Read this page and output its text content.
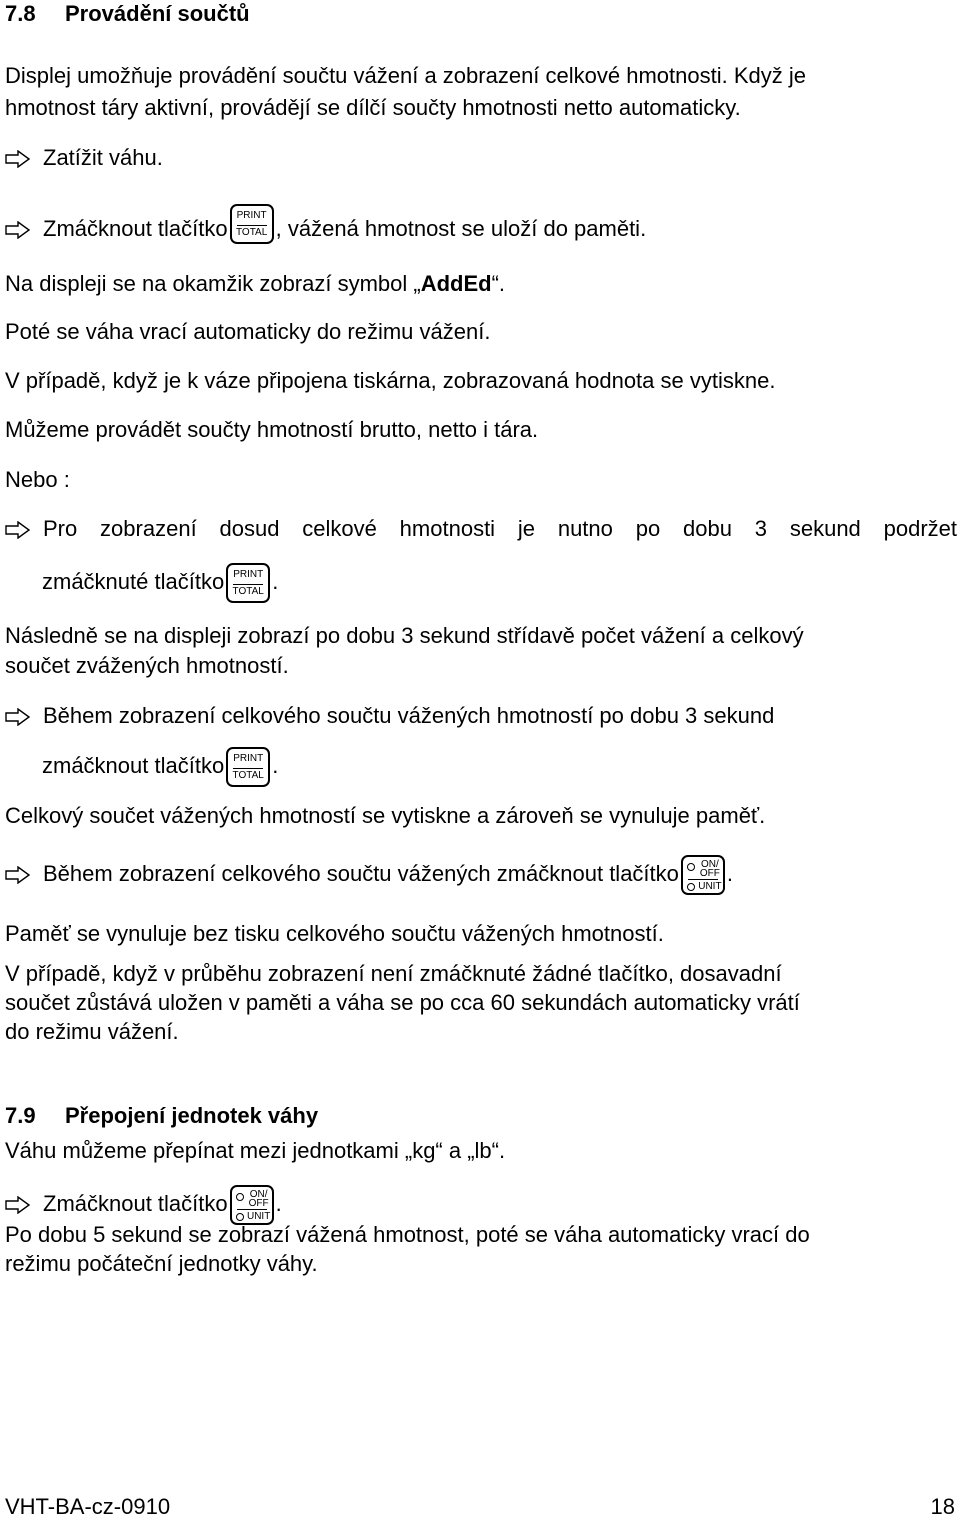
7.8 Provádění součtů
Displej umožňuje provádění součtu vážení a zobrazení celkové hmotnosti. Když je
hmotnost táry aktivní, provádějí se dílčí součty hmotnosti netto automaticky.
Zatížit váhu.
Zmáčknout tlačítko
PRINT
TOTAL , vážená hmotnost se uloží do paměti.
Na displeji se na okamžik zobrazí symbol „AddEd“.
Poté se váha vrací automaticky do režimu vážení.
V případě, když je k váze připojena tiskárna, zobrazovaná hodnota se vytiskne.
Můžeme provádět součty hmotností brutto, netto i tára.
Nebo :
Pro zobrazení dosud celkové hmotnosti je nutno po dobu 3 sekund podržet
zmáčknuté tlačítko PRINT
TOTAL .
Následně se na displeji zobrazí po dobu 3 sekund střídavě počet vážení a celkový
součet zvážených hmotností.
Během zobrazení celkového součtu vážených hmotností po dobu 3 sekund
zmáčknout tlačítko PRINT
TOTAL .
Celkový součet vážených hmotností se vytiskne a zároveň se vynuluje paměť.
Během zobrazení celkového součtu vážených zmáčknout tlačítko	ON/
OFF
UNIT
.
Paměť se vynuluje bez tisku celkového součtu vážených hmotností.
V případě, když v průběhu zobrazení není zmáčknuté žádné tlačítko, dosavadní
součet zůstává uložen v paměti a váha se po cca 60 sekundách automaticky vrátí
do režimu vážení.
7.9 Přepojení jednotek váhy
Váhu můžeme přepínat mezi jednotkami „kg“ a „lb“.
Zmáčknout tlačítko	ON/
OFF
UNIT
.
Po dobu 5 sekund se zobrazí vážená hmotnost, poté se váha automaticky vrací do
režimu počáteční jednotky váhy.
VHT-BA-cz-0910	18
